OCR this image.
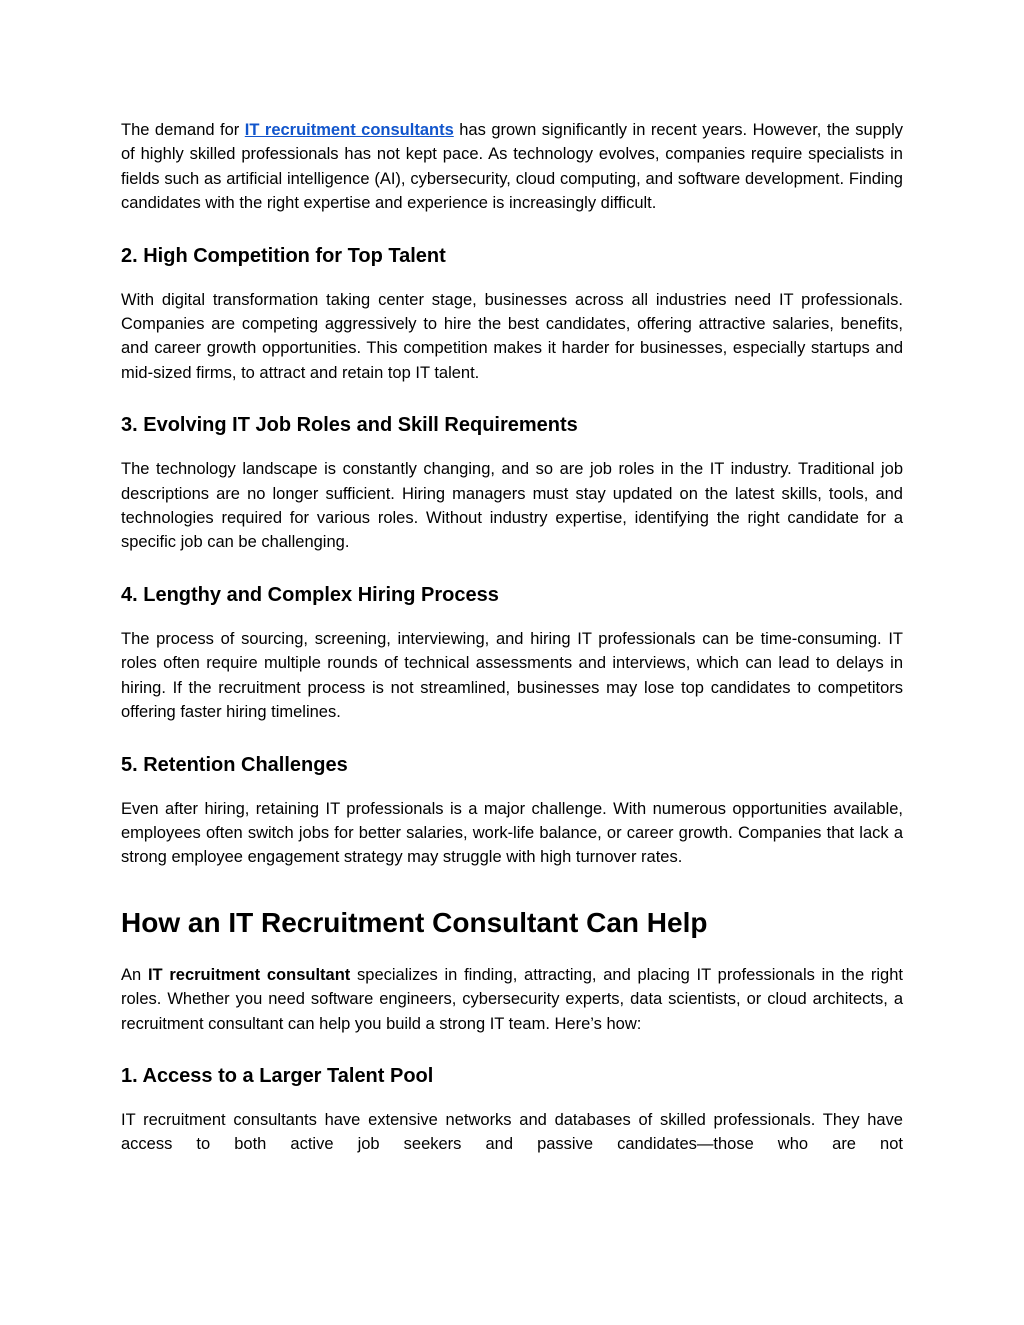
The demand for IT recruitment consultants has grown significantly in recent years. However, the supply of highly skilled professionals has not kept pace. As technology evolves, companies require specialists in fields such as artificial intelligence (AI), cybersecurity, cloud computing, and software development. Finding candidates with the right expertise and experience is increasingly difficult.

2. High Competition for Top Talent

With digital transformation taking center stage, businesses across all industries need IT professionals. Companies are competing aggressively to hire the best candidates, offering attractive salaries, benefits, and career growth opportunities. This competition makes it harder for businesses, especially startups and mid-sized firms, to attract and retain top IT talent.

3. Evolving IT Job Roles and Skill Requirements

The technology landscape is constantly changing, and so are job roles in the IT industry. Traditional job descriptions are no longer sufficient. Hiring managers must stay updated on the latest skills, tools, and technologies required for various roles. Without industry expertise, identifying the right candidate for a specific job can be challenging.

4. Lengthy and Complex Hiring Process

The process of sourcing, screening, interviewing, and hiring IT professionals can be time-consuming. IT roles often require multiple rounds of technical assessments and interviews, which can lead to delays in hiring. If the recruitment process is not streamlined, businesses may lose top candidates to competitors offering faster hiring timelines.

5. Retention Challenges

Even after hiring, retaining IT professionals is a major challenge. With numerous opportunities available, employees often switch jobs for better salaries, work-life balance, or career growth. Companies that lack a strong employee engagement strategy may struggle with high turnover rates.

How an IT Recruitment Consultant Can Help

An IT recruitment consultant specializes in finding, attracting, and placing IT professionals in the right roles. Whether you need software engineers, cybersecurity experts, data scientists, or cloud architects, a recruitment consultant can help you build a strong IT team. Here’s how:

1. Access to a Larger Talent Pool

IT recruitment consultants have extensive networks and databases of skilled professionals. They have access to both active job seekers and passive candidates—those who are not
